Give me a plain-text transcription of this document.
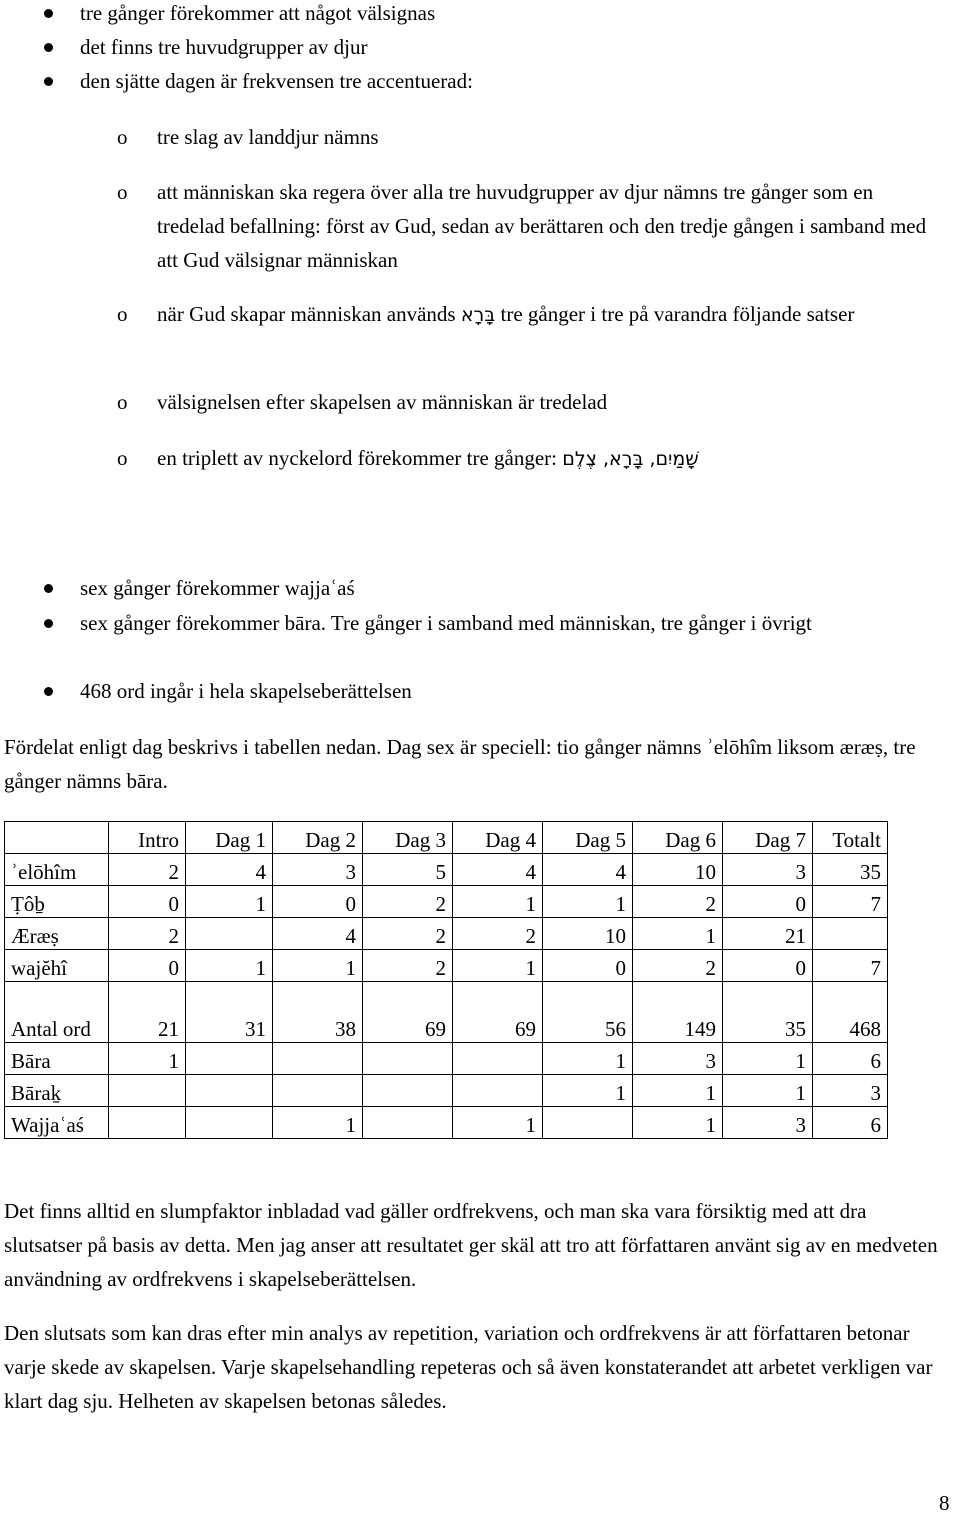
tre gånger förekommer att något välsignas
det finns tre huvudgrupper av djur
den sjätte dagen är frekvensen tre accentuerad:
o tre slag av landdjur nämns
o att människan ska regera över alla tre huvudgrupper av djur nämns tre gånger som en tredelad befallning: först av Gud, sedan av berättaren och den tredje gången i samband med att Gud välsignar människan
o när Gud skapar människan används בָּרָא tre gånger i tre på varandra följande satser
o välsignelsen efter skapelsen av människan är tredelad
o en triplett av nyckelord förekommer tre gånger: שָׁמַיִם, בָּרָא, צֶלֶם
sex gånger förekommer wajjaʿaś
sex gånger förekommer bāra. Tre gånger i samband med människan, tre gånger i övrigt
468 ord ingår i hela skapelseberättelsen
Fördelat enligt dag beskrivs i tabellen nedan. Dag sex är speciell: tio gånger nämns ʾelōhîm liksom æræṣ, tre gånger nämns bāra.
	Intro	Dag 1	Dag 2	Dag 3	Dag 4	Dag 5	Dag 6	Dag 7	Totalt
ʾelōhîm	2	4	3	5	4	4	10	3	35
Ṭôḇ	0	1	0	2	1	1	2	0	7
Æræṣ	2		4	2	2	10	1	21	
wajĕhî	0	1	1	2	1	0	2	0	7
Antal ord	21	31	38	69	69	56	149	35	468
Bāra	1					1	3	1	6
Bāraḵ						1	1	1	3
Wajjaʿaś			1		1		1	3	6
Det finns alltid en slumpfaktor inbladad vad gäller ordfrekvens, och man ska vara försiktig med att dra slutsatser på basis av detta. Men jag anser att resultatet ger skäl att tro att författaren använt sig av en medveten användning av ordfrekvens i skapelseberättelsen.
Den slutsats som kan dras efter min analys av repetition, variation och ordfrekvens är att författaren betonar varje skede av skapelsen. Varje skapelsehandling repeteras och så även konstaterandet att arbetet verkligen var klart dag sju. Helheten av skapelsen betonas således.
8
